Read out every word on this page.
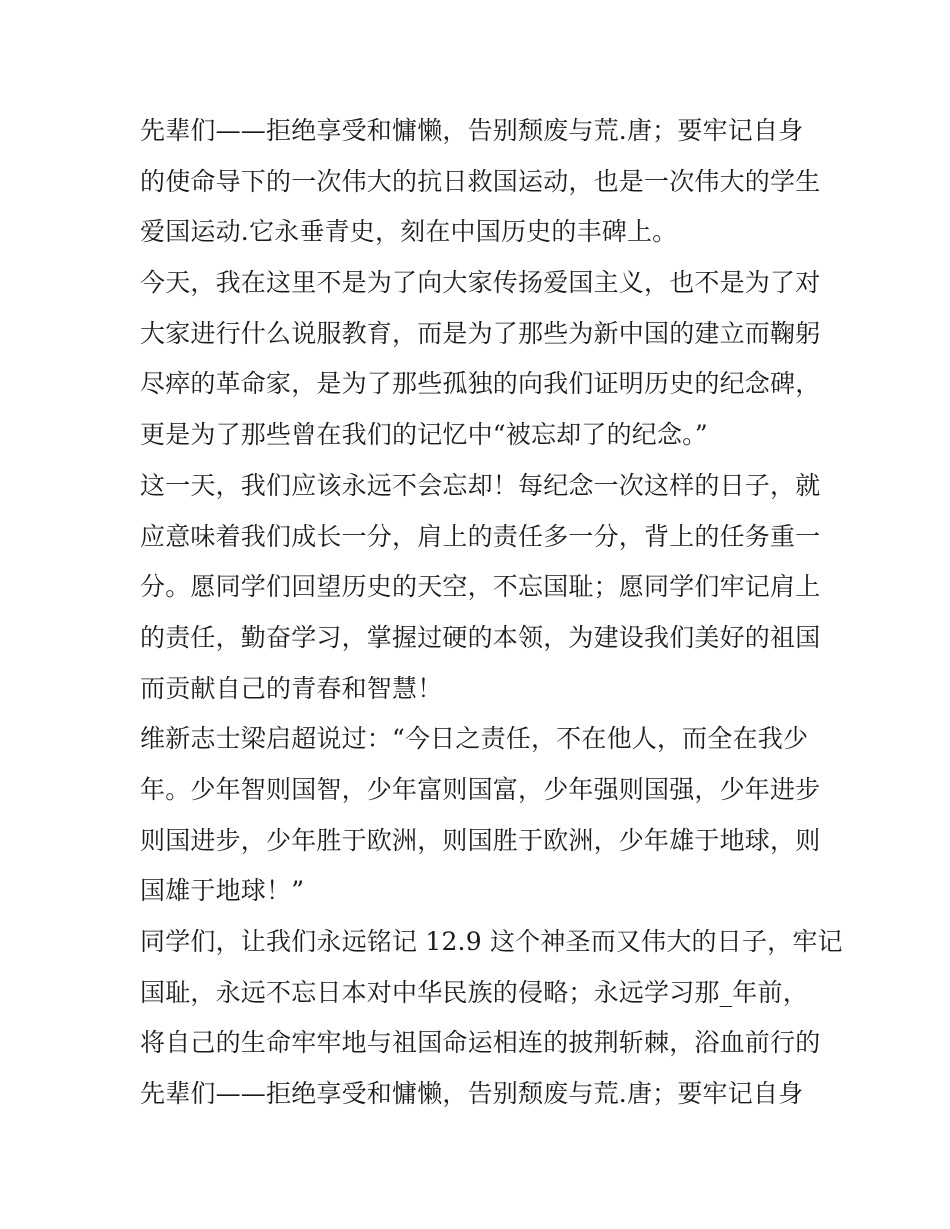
先辈们——拒绝享受和慵懒，告别颓废与荒.唐；要牢记自身
的使命导下的一次伟大的抗日救国运动，也是一次伟大的学生
爱国运动.它永垂青史，刻在中国历史的丰碑上。
今天，我在这里不是为了向大家传扬爱国主义，也不是为了对
大家进行什么说服教育，而是为了那些为新中国的建立而鞠躬
尽瘁的革命家，是为了那些孤独的向我们证明历史的纪念碑，
更是为了那些曾在我们的记忆中“被忘却了的纪念。”
这一天，我们应该永远不会忘却！每纪念一次这样的日子，就
应意味着我们成长一分，肩上的责任多一分，背上的任务重一
分。愿同学们回望历史的天空，不忘国耻；愿同学们牢记肩上
的责任，勤奋学习，掌握过硬的本领，为建设我们美好的祖国
而贡献自己的青春和智慧！
维新志士梁启超说过：“今日之责任，不在他人，而全在我少
年。少年智则国智，少年富则国富，少年强则国强，少年进步
则国进步，少年胜于欧洲，则国胜于欧洲，少年雄于地球，则
国雄于地球！”
同学们，让我们永远铭记 12.9 这个神圣而又伟大的日子，牢记
国耻，永远不忘日本对中华民族的侵略；永远学习那_年前，
将自己的生命牢牢地与祖国命运相连的披荆斩棘，浴血前行的
先辈们——拒绝享受和慵懒，告别颓废与荒.唐；要牢记自身
